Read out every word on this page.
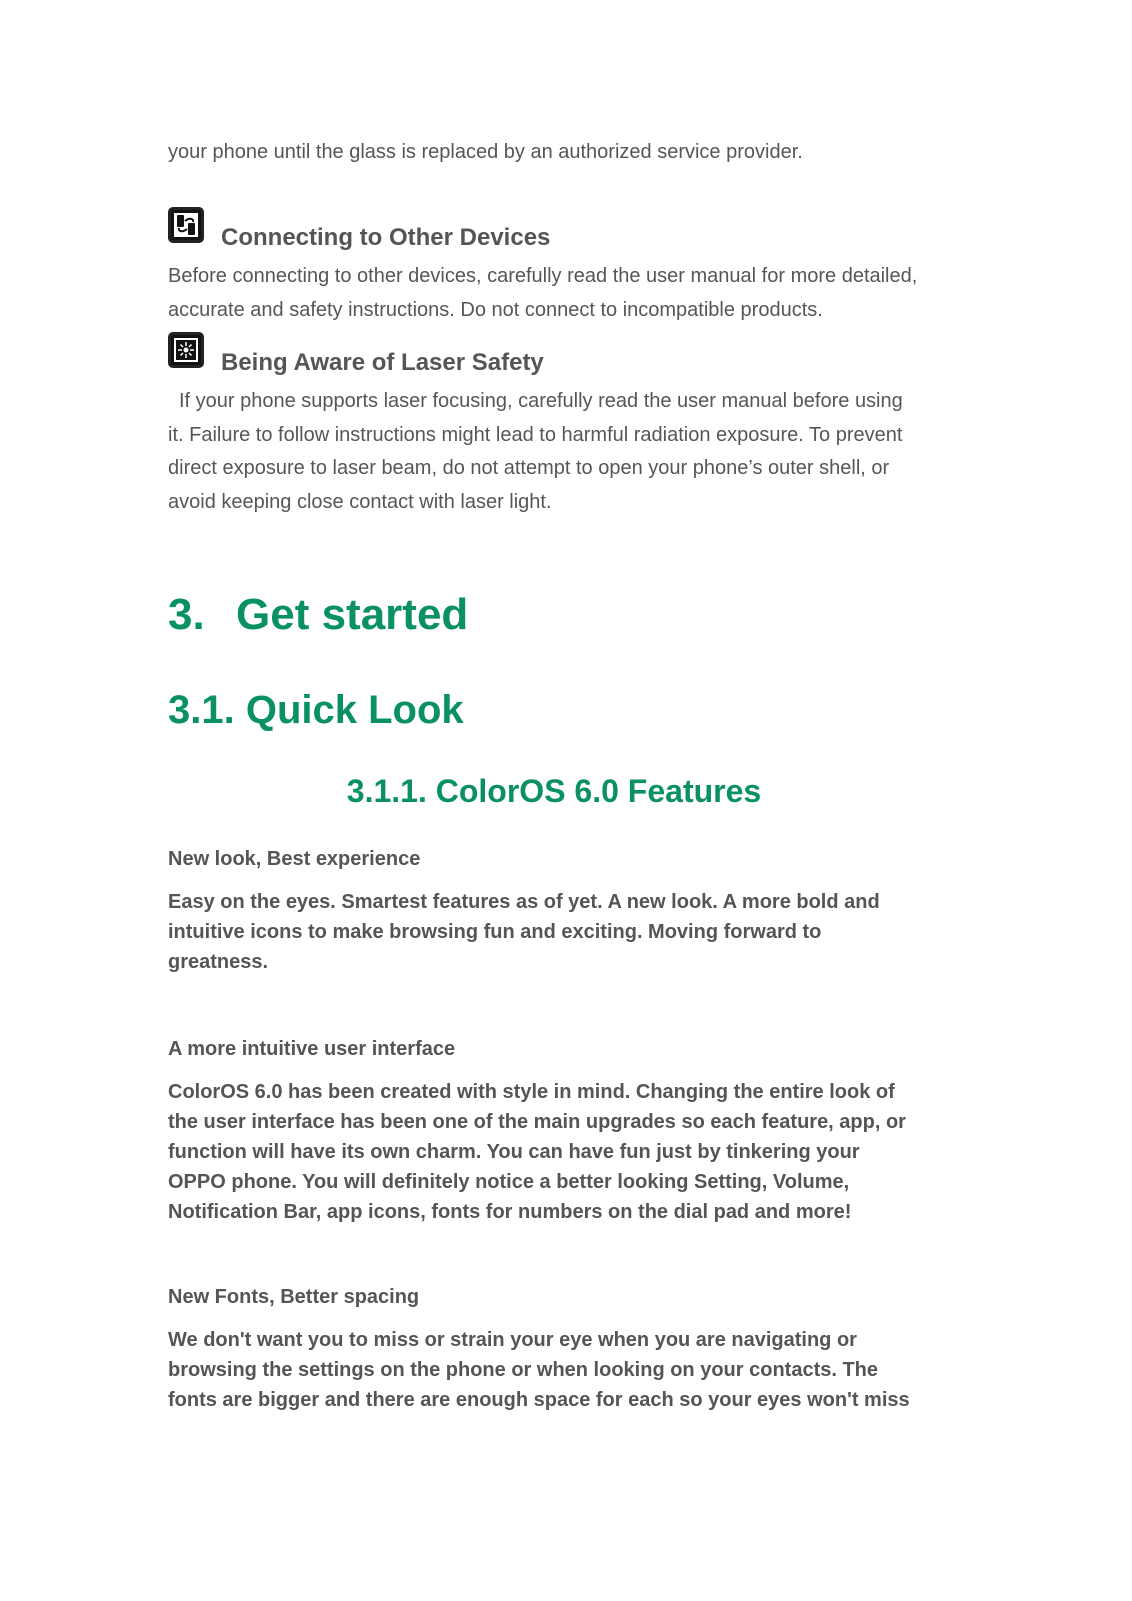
your phone until the glass is replaced by an authorized service provider.

Connecting to Other Devices

Before connecting to other devices, carefully read the user manual for more detailed,

accurate and safety instructions. Do not connect to incompatible products.

Being Aware of Laser Safety

If your phone supports laser focusing, carefully read the user manual before using

it. Failure to follow instructions might lead to harmful radiation exposure. To prevent

direct exposure to laser beam, do not attempt to open your phone’s outer shell, or

avoid keeping close contact with laser light.

3. Get started
3.1. Quick Look
3.1.1. ColorOS 6.0 Features
New look, Best experience
Easy on the eyes. Smartest features as of yet. A new look. A more bold and
intuitive icons to make browsing fun and exciting. Moving forward to
greatness.
A more intuitive user interface
ColorOS 6.0 has been created with style in mind. Changing the entire look of
the user interface has been one of the main upgrades so each feature, app, or
function will have its own charm. You can have fun just by tinkering your
OPPO phone. You will definitely notice a better looking Setting, Volume,
Notification Bar, app icons, fonts for numbers on the dial pad and more!
New Fonts, Better spacing
We don't want you to miss or strain your eye when you are navigating or
browsing the settings on the phone or when looking on your contacts. The
fonts are bigger and there are enough space for each so your eyes won't miss
